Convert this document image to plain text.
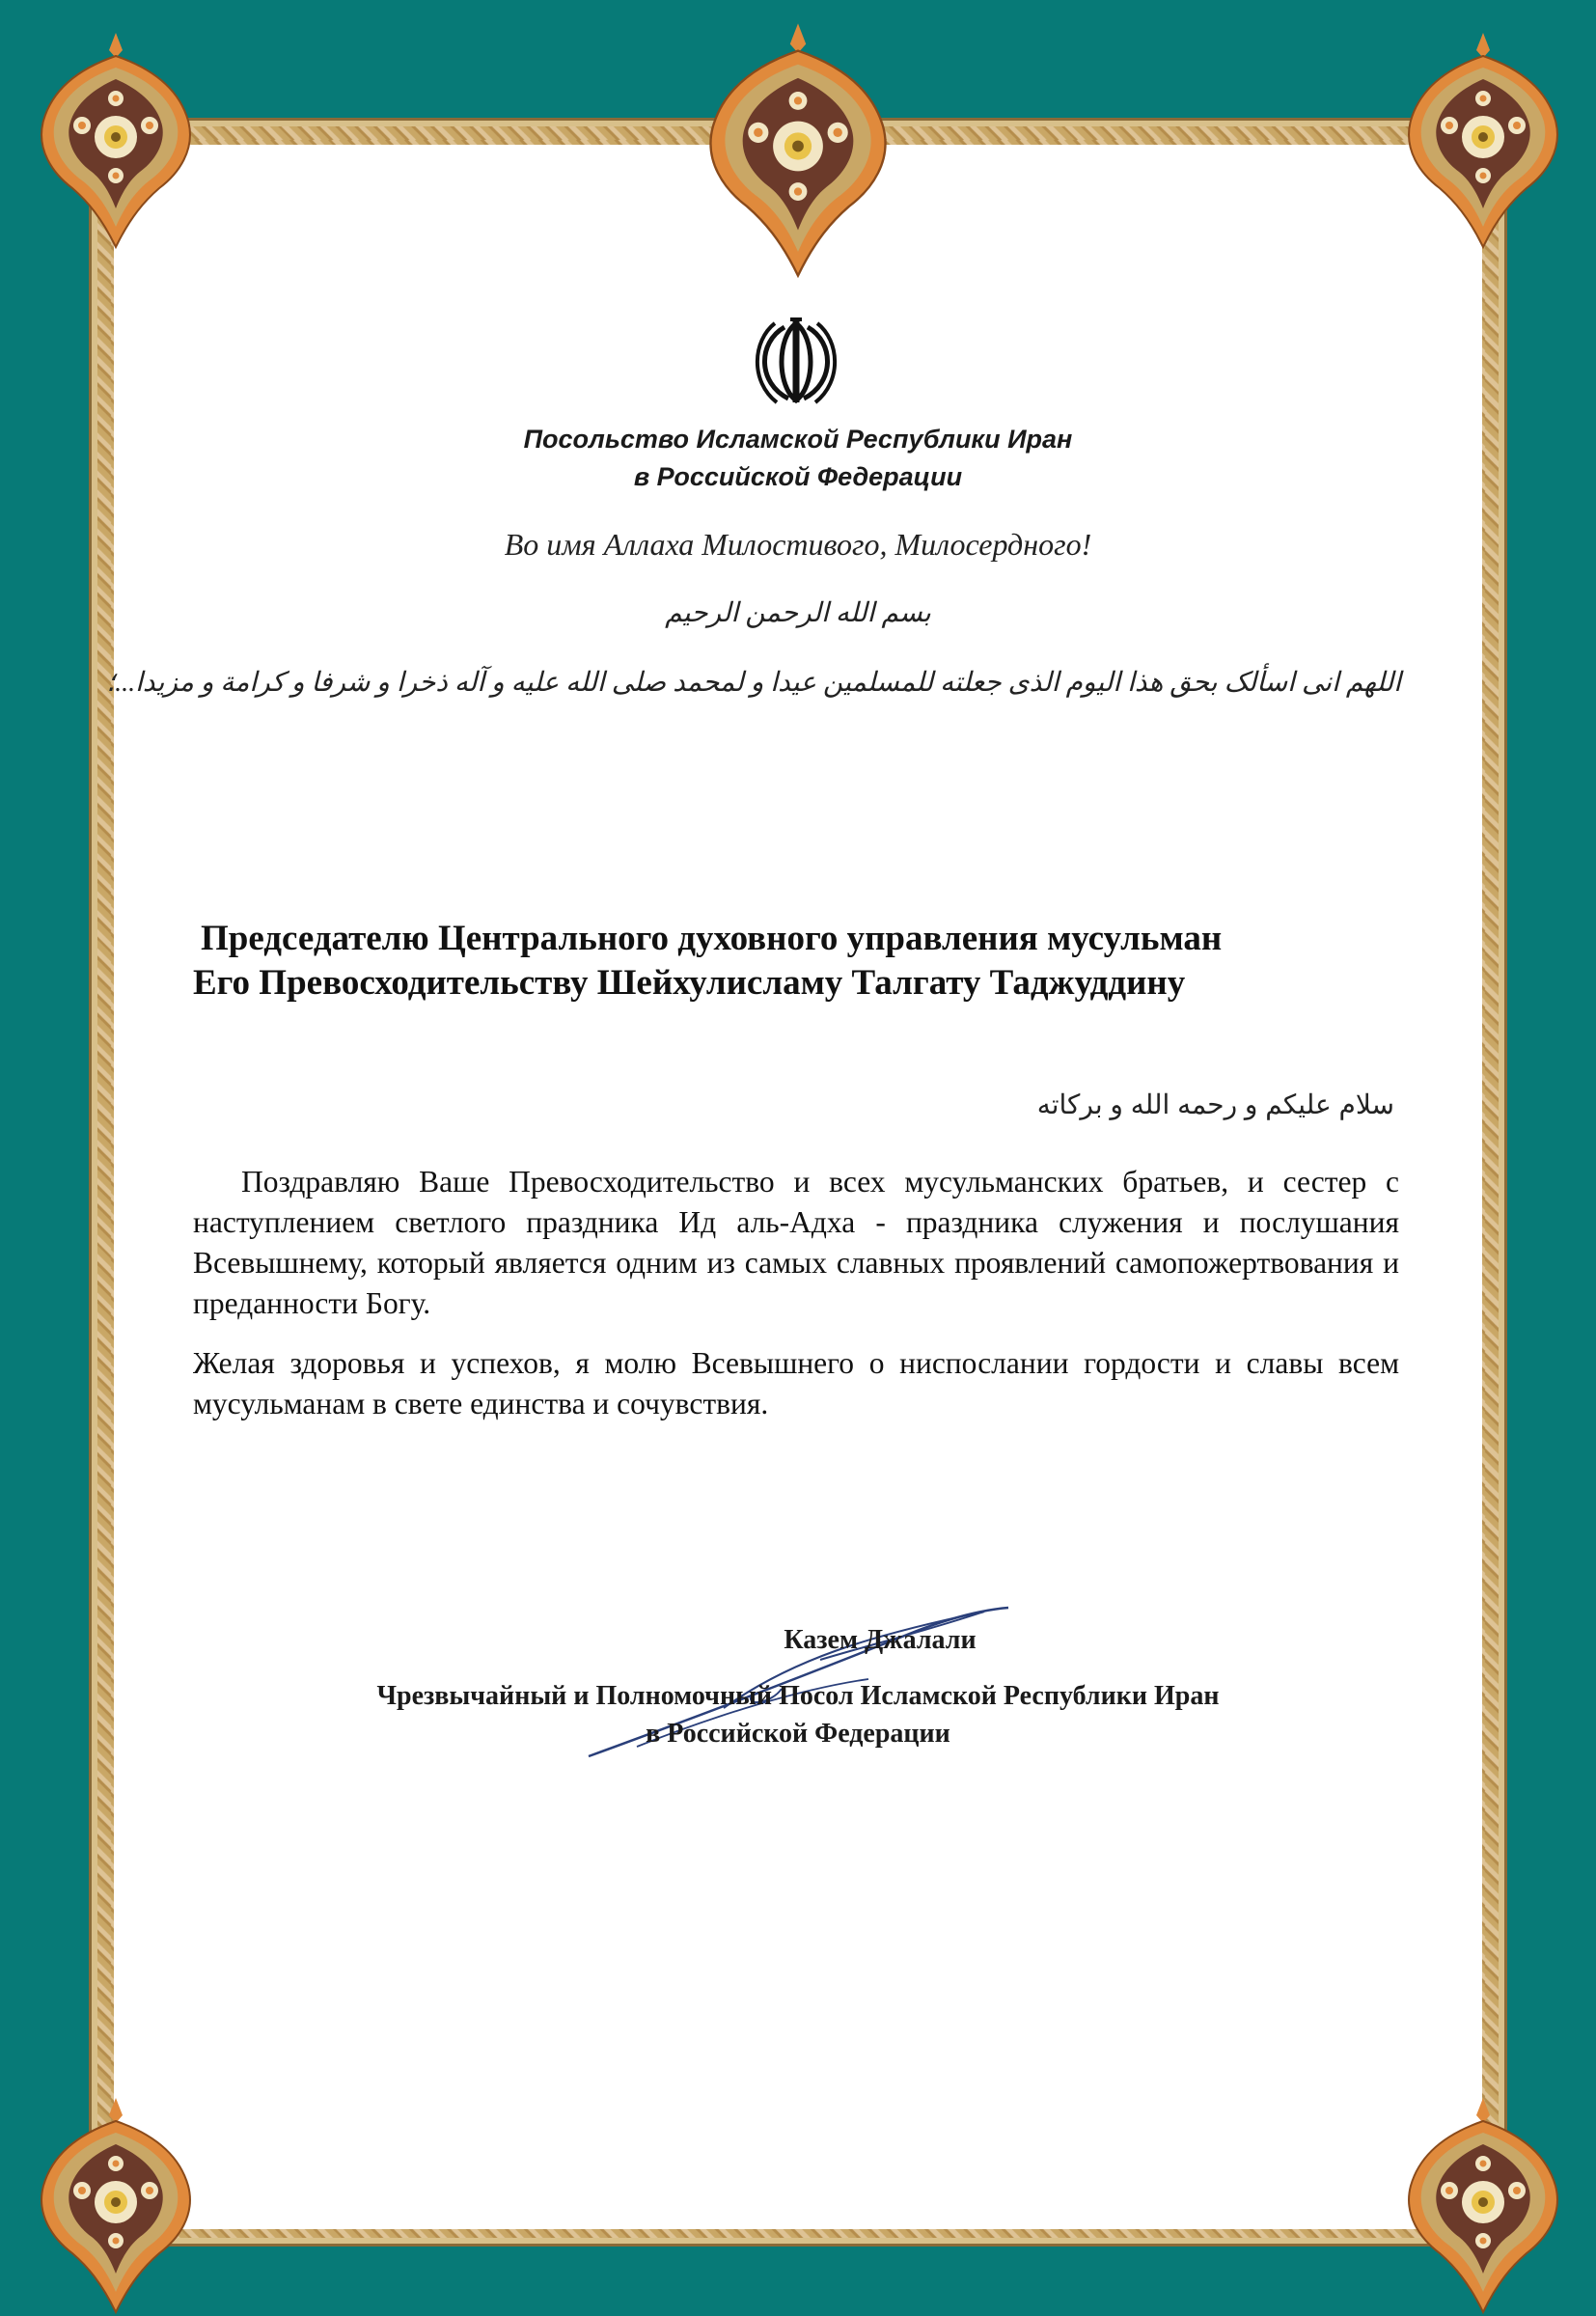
Посольство Исламской Республики Иран
в Российской Федерации
Во имя Аллаха Милостивого, Милосердного!
بسم الله الرحمن الرحیم
اللهم انی اسألک بحق هذا الیوم الذی جعلته للمسلمین عیدا و لمحمد صلی الله علیه و آله ذخرا و شرفا و کرامة و مزیدا...؛
Председателю Центрального духовного управления мусульман
Его Превосходительству Шейхулисламу Талгату Таджуддину
سلام علیکم و رحمه الله و برکاته

Поздравляю Ваше Превосходительство и всех мусульманских братьев, и сестер с наступлением светлого праздника Ид аль-Адха - праздника служения и послушания Всевышнему, который является одним из самых славных проявлений самопожертвования и преданности Богу.

Желая здоровья и успехов, я молю Всевышнего о ниспослании гордости и славы всем мусульманам в свете единства и сочувствия.

Казем Джалали
Чрезвычайный и Полномочный Посол Исламской Республики Иран
в Российской Федерации
